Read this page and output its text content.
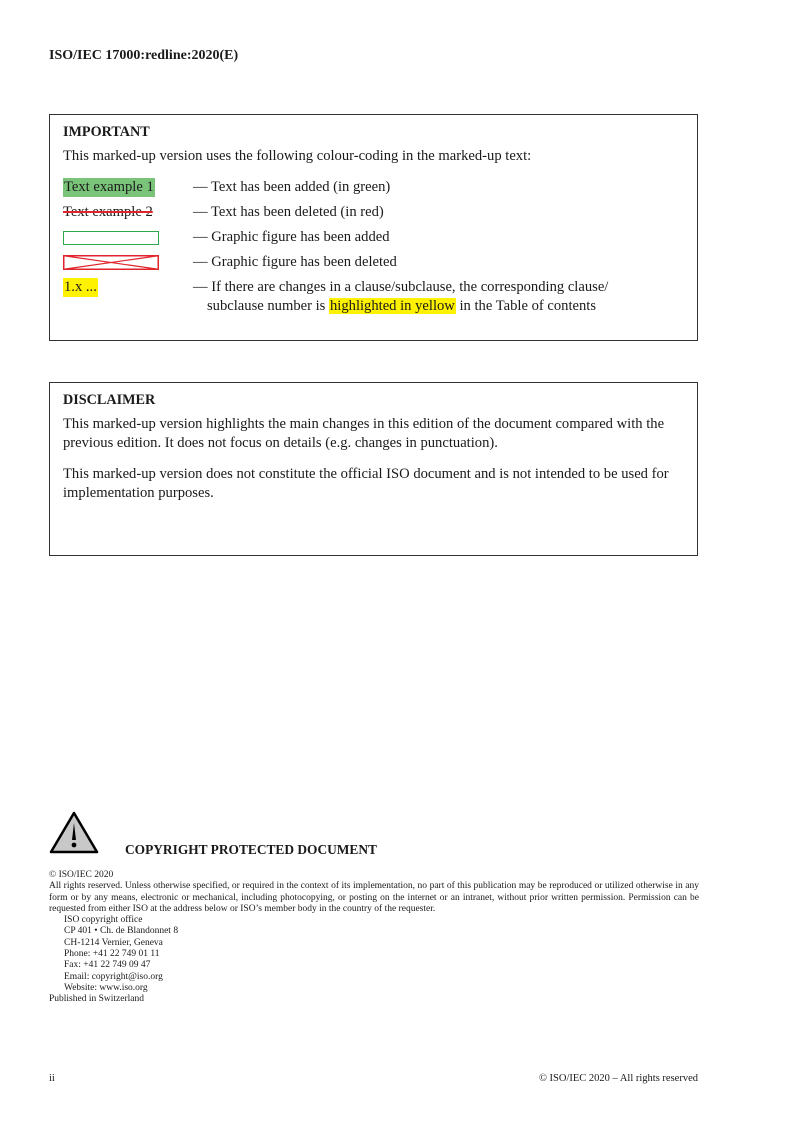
ISO/IEC 17000:redline:2020(E)
IMPORTANT
This marked-up version uses the following colour-coding in the marked-up text:
Text example 1	— Text has been added (in green)
Text example 2	— Text has been deleted (in red)
— Graphic figure has been added
— Graphic figure has been deleted
1.x ...	— If there are changes in a clause/subclause, the corresponding clause/
subclause number is highlighted in yellow in the Table of contents
DISCLAIMER

This marked-up version highlights the main changes in this edition of the document compared with the previous edition. It does not focus on details (e.g. changes in punctuation).

This marked-up version does not constitute the official ISO document and is not intended to be used for implementation purposes.

COPYRIGHT PROTECTED DOCUMENT
© ISO/IEC 2020
All rights reserved. Unless otherwise specified, or required in the context of its implementation, no part of this publication may be reproduced or utilized otherwise in any form or by any means, electronic or mechanical, including photocopying, or posting on the internet or an intranet, without prior written permission. Permission can be requested from either ISO at the address below or ISO’s member body in the country of the requester.
ISO copyright office
CP 401 • Ch. de Blandonnet 8
CH-1214 Vernier, Geneva
Phone: +41 22 749 01 11
Fax: +41 22 749 09 47
Email: copyright@iso.org
Website: www.iso.org
Published in Switzerland
ii	© ISO/IEC 2020 – All rights reserved
